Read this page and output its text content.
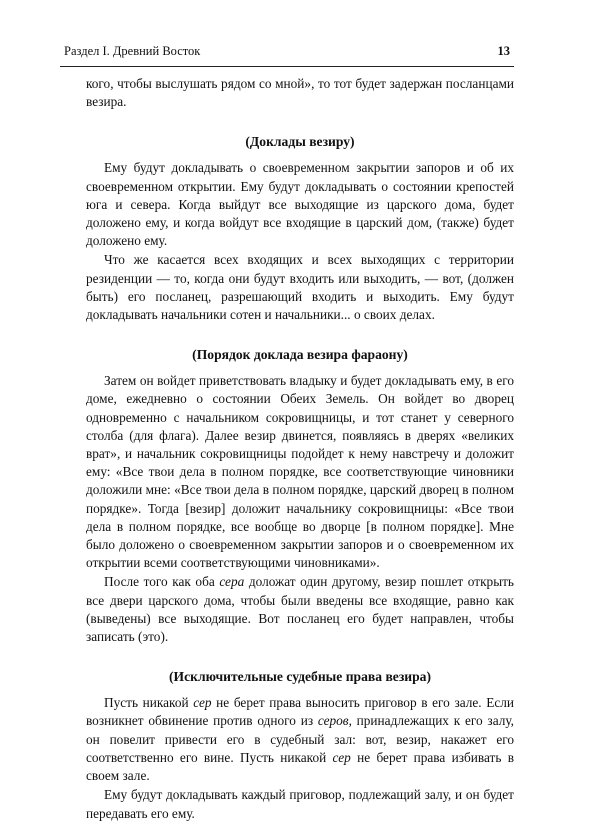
Раздел I. Древний Восток	13

кого, чтобы выслушать рядом со мной», то тот будет задержан посланцами везира.

(Доклады везиру)

Ему будут докладывать о своевременном закрытии запоров и об их своевременном открытии. Ему будут докладывать о состоянии крепостей юга и севера. Когда выйдут все выходящие из царского дома, будет доложено ему, и когда войдут все входящие в царский дом, (также) будет доложено ему.

Что же касается всех входящих и всех выходящих с территории резиденции — то, когда они будут входить или выходить, — вот, (должен быть) его посланец, разрешающий входить и выходить. Ему будут докладывать начальники сотен и начальники... о своих делах.

(Порядок доклада везира фараону)

Затем он войдет приветствовать владыку и будет докладывать ему, в его доме, ежедневно о состоянии Обеих Земель. Он войдет во дворец одновременно с начальником сокровищницы, и тот станет у северного столба (для флага). Далее везир двинется, появляясь в дверях «великих врат», и начальник сокровищницы подойдет к нему навстречу и доложит ему: «Все твои дела в полном порядке, все соответствующие чиновники доложили мне: «Все твои дела в полном порядке, царский дворец в полном порядке». Тогда [везир] доложит начальнику сокровищницы: «Все твои дела в полном порядке, все вообще во дворце [в полном порядке]. Мне было доложено о своевременном закрытии запоров и о своевременном их открытии всеми соответствующими чиновниками».

После того как оба сера доложат один другому, везир пошлет открыть все двери царского дома, чтобы были введены все входящие, равно как (выведены) все выходящие. Вот посланец его будет направлен, чтобы записать (это).

(Исключительные судебные права везира)

Пусть никакой сер не берет права выносить приговор в его зале. Если возникнет обвинение против одного из серов, принадлежащих к его залу, он повелит привести его в судебный зал: вот, везир, накажет его соответственно его вине. Пусть никакой сер не берет права избивать в своем зале.

Ему будут докладывать каждый приговор, подлежащий залу, и он будет передавать его ему.
